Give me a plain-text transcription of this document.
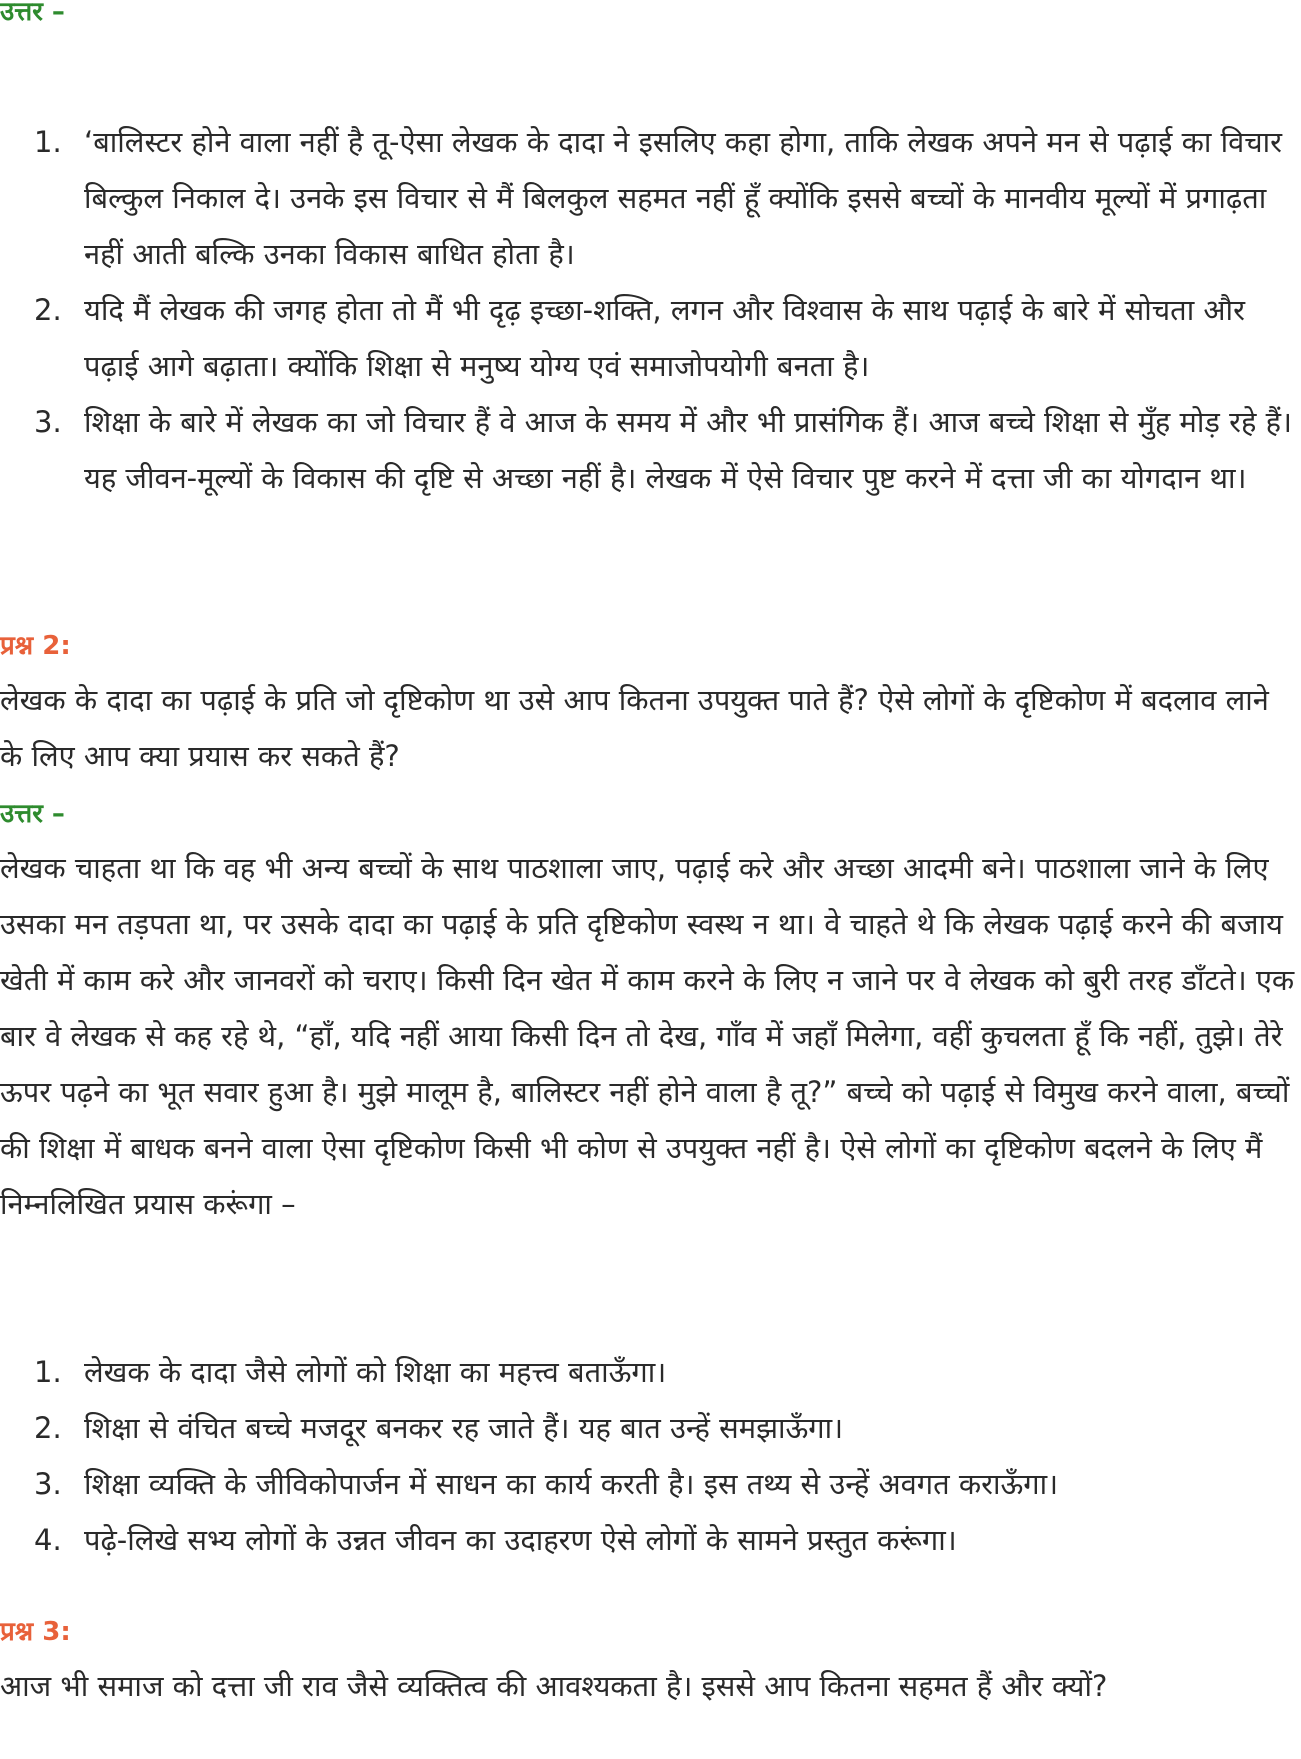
उत्तर –
1. ‘बालिस्टर होने वाला नहीं है तू-ऐसा लेखक के दादा ने इसलिए कहा होगा, ताकि लेखक अपने मन से पढ़ाई का विचार बिल्कुल निकाल दे। उनके इस विचार से मैं बिलकुल सहमत नहीं हूँ क्योंकि इससे बच्चों के मानवीय मूल्यों में प्रगाढ़ता नहीं आती बल्कि उनका विकास बाधित होता है।
2. यदि मैं लेखक की जगह होता तो मैं भी दृढ़ इच्छा-शक्ति, लगन और विश्वास के साथ पढ़ाई के बारे में सोचता और पढ़ाई आगे बढ़ाता। क्योंकि शिक्षा से मनुष्य योग्य एवं समाजोपयोगी बनता है।
3. शिक्षा के बारे में लेखक का जो विचार हैं वे आज के समय में और भी प्रासंगिक हैं। आज बच्चे शिक्षा से मुँह मोड़ रहे हैं। यह जीवन-मूल्यों के विकास की दृष्टि से अच्छा नहीं है। लेखक में ऐसे विचार पुष्ट करने में दत्ता जी का योगदान था।
प्रश्न 2:

लेखक के दादा का पढ़ाई के प्रति जो दृष्टिकोण था उसे आप कितना उपयुक्त पाते हैं? ऐसे लोगों के दृष्टिकोण में बदलाव लाने के लिए आप क्या प्रयास कर सकते हैं?

उत्तर –

लेखक चाहता था कि वह भी अन्य बच्चों के साथ पाठशाला जाए, पढ़ाई करे और अच्छा आदमी बने। पाठशाला जाने के लिए उसका मन तड़पता था, पर उसके दादा का पढ़ाई के प्रति दृष्टिकोण स्वस्थ न था। वे चाहते थे कि लेखक पढ़ाई करने की बजाय खेती में काम करे और जानवरों को चराए। किसी दिन खेत में काम करने के लिए न जाने पर वे लेखक को बुरी तरह डाँटते। एक बार वे लेखक से कह रहे थे, “हाँ, यदि नहीं आया किसी दिन तो देख, गाँव में जहाँ मिलेगा, वहीं कुचलता हूँ कि नहीं, तुझे। तेरे ऊपर पढ़ने का भूत सवार हुआ है। मुझे मालूम है, बालिस्टर नहीं होने वाला है तू?” बच्चे को पढ़ाई से विमुख करने वाला, बच्चों की शिक्षा में बाधक बनने वाला ऐसा दृष्टिकोण किसी भी कोण से उपयुक्त नहीं है। ऐसे लोगों का दृष्टिकोण बदलने के लिए मैं निम्नलिखित प्रयास करूंगा –

1. लेखक के दादा जैसे लोगों को शिक्षा का महत्त्व बताऊँगा।
2. शिक्षा से वंचित बच्चे मजदूर बनकर रह जाते हैं। यह बात उन्हें समझाऊँगा।
3. शिक्षा व्यक्ति के जीविकोपार्जन में साधन का कार्य करती है। इस तथ्य से उन्हें अवगत कराऊँगा।
4. पढ़े-लिखे सभ्य लोगों के उन्नत जीवन का उदाहरण ऐसे लोगों के सामने प्रस्तुत करूंगा।
प्रश्न 3:

आज भी समाज को दत्ता जी राव जैसे व्यक्तित्व की आवश्यकता है। इससे आप कितना सहमत हैं और क्यों?
